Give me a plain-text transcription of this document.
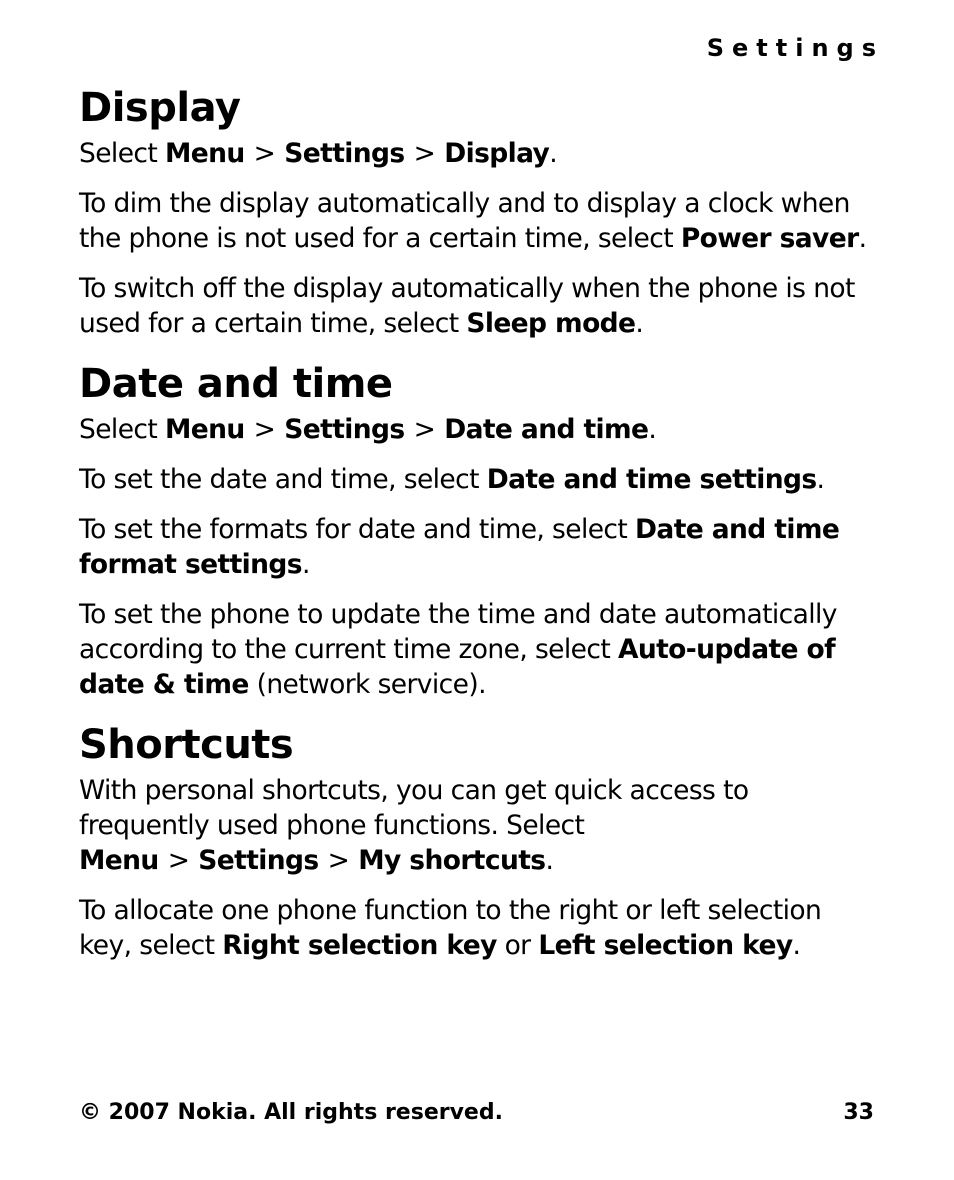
Settings
Display

Select Menu > Settings > Display.

To dim the display automatically and to display a clock when the phone is not used for a certain time, select Power saver.

To switch off the display automatically when the phone is not used for a certain time, select Sleep mode.

Date and time

Select Menu > Settings > Date and time.

To set the date and time, select Date and time settings.

To set the formats for date and time, select Date and time format settings.

To set the phone to update the time and date automatically according to the current time zone, select Auto-update of date & time (network service).

Shortcuts

With personal shortcuts, you can get quick access to frequently used phone functions. Select Menu > Settings > My shortcuts.

To allocate one phone function to the right or left selection key, select Right selection key or Left selection key.

© 2007 Nokia. All rights reserved.	33
